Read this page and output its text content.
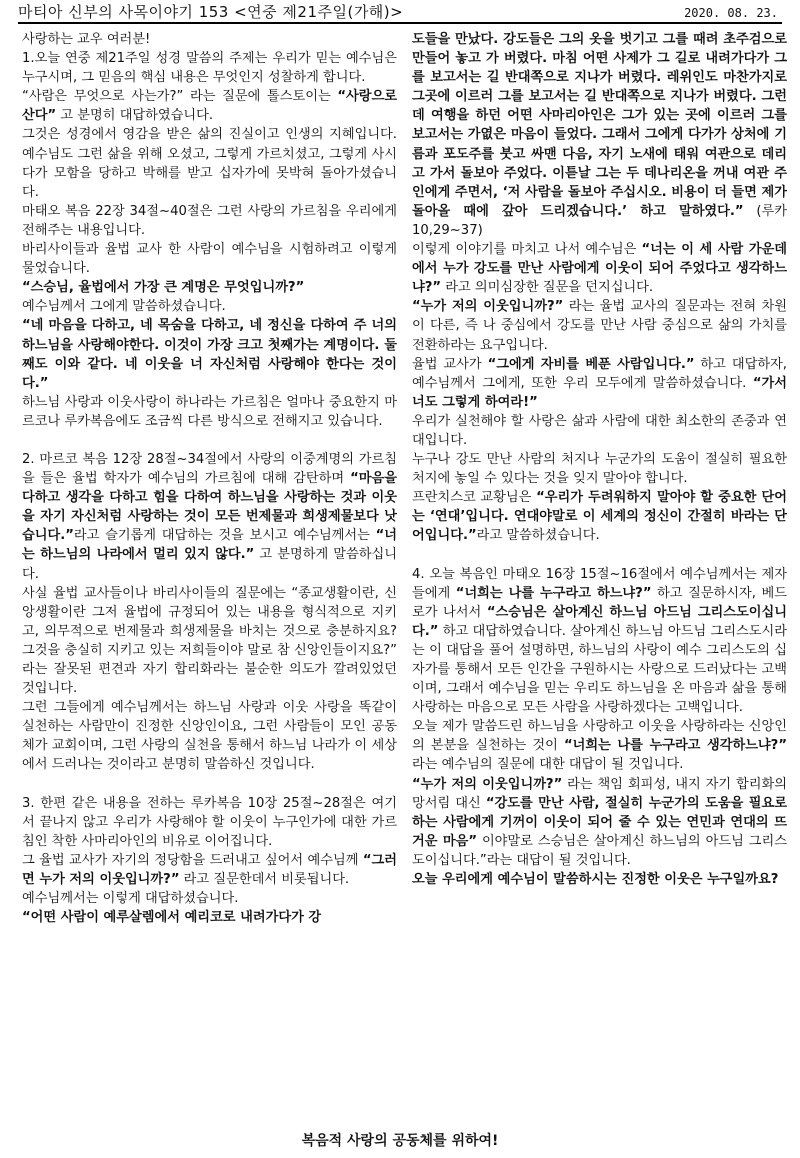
마티아 신부의 사목이야기 153 <연중 제21주일(가해)>	2020. 08. 23.

사랑하는 교우 여러분!

1.오늘 연중 제21주일 성경 말씀의 주제는 우리가 믿는 예수님은 누구시며, 그 믿음의 핵심 내용은 무엇인지 성찰하게 합니다.

“사람은 무엇으로 사는가?” 라는 질문에 톨스토이는 “사랑으로 산다” 고 분명히 대답하였습니다.

그것은 성경에서 영감을 받은 삶의 진실이고 인생의 지혜입니다. 예수님도 그런 삶을 위해 오셨고, 그렇게 가르치셨고, 그렇게 사시다가 모함을 당하고 박해를 받고 십자가에 못박혀 돌아가셨습니다.

마태오 복음 22장 34절~40절은 그런 사랑의 가르침을 우리에게 전해주는 내용입니다.

바리사이들과 율법 교사 한 사람이 예수님을 시험하려고 이렇게 물었습니다.

“스승님, 율법에서 가장 큰 계명은 무엇입니까?”

예수님께서 그에게 말씀하셨습니다.

“네 마음을 다하고, 네 목숨을 다하고, 네 정신을 다하여 주 너의 하느님을 사랑해야한다. 이것이 가장 크고 첫째가는 계명이다. 둘째도 이와 같다. 네 이웃을 너 자신처럼 사랑해야 한다는 것이다.”

하느님 사랑과 이웃사랑이 하나라는 가르침은 얼마나 중요한지 마르코나 루카복음에도 조금씩 다른 방식으로 전해지고 있습니다.

2. 마르코 복음 12장 28절~34절에서 사랑의 이중계명의 가르침을 들은 율법 학자가 예수님의 가르침에 대해 감탄하며 “마음을 다하고 생각을 다하고 힘을 다하여 하느님을 사랑하는 것과 이웃을 자기 자신처럼 사랑하는 것이 모든 번제물과 희생제물보다 낫습니다.”라고 슬기롭게 대답하는 것을 보시고 예수님께서는 “너는 하느님의 나라에서 멀리 있지 않다.” 고 분명하게 말씀하십니다.

사실 율법 교사들이나 바리사이들의 질문에는 “종교생활이란, 신앙생활이란 그저 율법에 규정되어 있는 내용을 형식적으로 지키고, 의무적으로 번제물과 희생제물을 바치는 것으로 충분하지요? 그것을 충실히 지키고 있는 저희들이야 말로 참 신앙인들이지요?” 라는 잘못된 편견과 자기 합리화라는 불순한 의도가 깔려있었던 것입니다.

그런 그들에게 예수님께서는 하느님 사랑과 이웃 사랑을 똑같이 실천하는 사람만이 진정한 신앙인이요, 그런 사람들이 모인 공동체가 교회이며, 그런 사랑의 실천을 통해서 하느님 나라가 이 세상에서 드러나는 것이라고 분명히 말씀하신 것입니다.

3. 한편 같은 내용을 전하는 루카복음 10장 25절~28절은 여기서 끝나지 않고 우리가 사랑해야 할 이웃이 누구인가에 대한 가르침인 착한 사마리아인의 비유로 이어집니다.

그 율법 교사가 자기의 정당함을 드러내고 싶어서 예수님께 “그러면 누가 저의 이웃입니까?” 라고 질문한데서 비롯됩니다.

예수님께서는 이렇게 대답하셨습니다.

“어떤 사람이 예루살렘에서 예리코로 내려가다가 강

도들을 만났다. 강도들은 그의 옷을 벗기고 그를 때려 초주검으로 만들어 놓고 가 버렸다. 마침 어떤 사제가 그 길로 내려가다가 그를 보고서는 길 반대쪽으로 지나가 버렸다. 레위인도 마찬가지로 그곳에 이르러 그를 보고서는 길 반대쪽으로 지나가 버렸다. 그런데 여행을 하던 어떤 사마리아인은 그가 있는 곳에 이르러 그를 보고서는 가엾은 마음이 들었다. 그래서 그에게 다가가 상처에 기름과 포도주를 붓고 싸맨 다음, 자기 노새에 태워 여관으로 데리고 가서 돌보아 주었다. 이튿날 그는 두 데나리온을 꺼내 여관 주인에게 주면서, ‘저 사람을 돌보아 주십시오. 비용이 더 들면 제가 돌아올 때에 갚아 드리겠습니다.’ 하고 말하였다.” (루카 10,29~37)

이렇게 이야기를 마치고 나서 예수님은 “너는 이 세 사람 가운데에서 누가 강도를 만난 사람에게 이웃이 되어 주었다고 생각하느냐?” 라고 의미심장한 질문을 던지십니다.

“누가 저의 이웃입니까?” 라는 율법 교사의 질문과는 전혀 차원이 다른, 즉 나 중심에서 강도를 만난 사람 중심으로 삶의 가치를 전환하라는 요구입니다.

율법 교사가 “그에게 자비를 베푼 사람입니다.” 하고 대답하자, 예수님께서 그에게, 또한 우리 모두에게 말씀하셨습니다. “가서 너도 그렇게 하여라!”

우리가 실천해야 할 사랑은 삶과 사람에 대한 최소한의 존중과 연대입니다.

누구나 강도 만난 사람의 처지나 누군가의 도움이 절실히 필요한 처지에 놓일 수 있다는 것을 잊지 말아야 합니다.

프란치스코 교황님은 “우리가 두려워하지 말아야 할 중요한 단어는 ‘연대’입니다. 연대야말로 이 세계의 정신이 간절히 바라는 단어입니다.”라고 말씀하셨습니다.

4. 오늘 복음인 마태오 16장 15절~16절에서 예수님께서는 제자들에게 “너희는 나를 누구라고 하느냐?” 하고 질문하시자, 베드로가 나서서 “스승님은 살아계신 하느님 아드님 그리스도이십니다.” 하고 대답하였습니다. 살아계신 하느님 아드님 그리스도시라는 이 대답을 풀어 설명하면, 하느님의 사랑이 예수 그리스도의 십자가를 통해서 모든 인간을 구원하시는 사랑으로 드러났다는 고백이며, 그래서 예수님을 믿는 우리도 하느님을 온 마음과 삶을 통해 사랑하는 마음으로 모든 사람을 사랑하겠다는 고백입니다.

오늘 제가 말씀드린 하느님을 사랑하고 이웃을 사랑하라는 신앙인의 본분을 실천하는 것이 “너희는 나를 누구라고 생각하느냐?” 라는 예수님의 질문에 대한 대답이 될 것입니다.

“누가 저의 이웃입니까?” 라는 책임 회피성, 내지 자기 합리화의 망서림 대신 “강도를 만난 사람, 절실히 누군가의 도움을 필요로 하는 사람에게 기꺼이 이웃이 되어 줄 수 있는 연민과 연대의 뜨거운 마음” 이야말로 스승님은 살아계신 하느님의 아드님 그리스도이십니다.”라는 대답이 될 것입니다.

오늘 우리에게 예수님이 말씀하시는 진정한 이웃은 누구일까요?

복음적 사랑의 공동체를 위하여!
